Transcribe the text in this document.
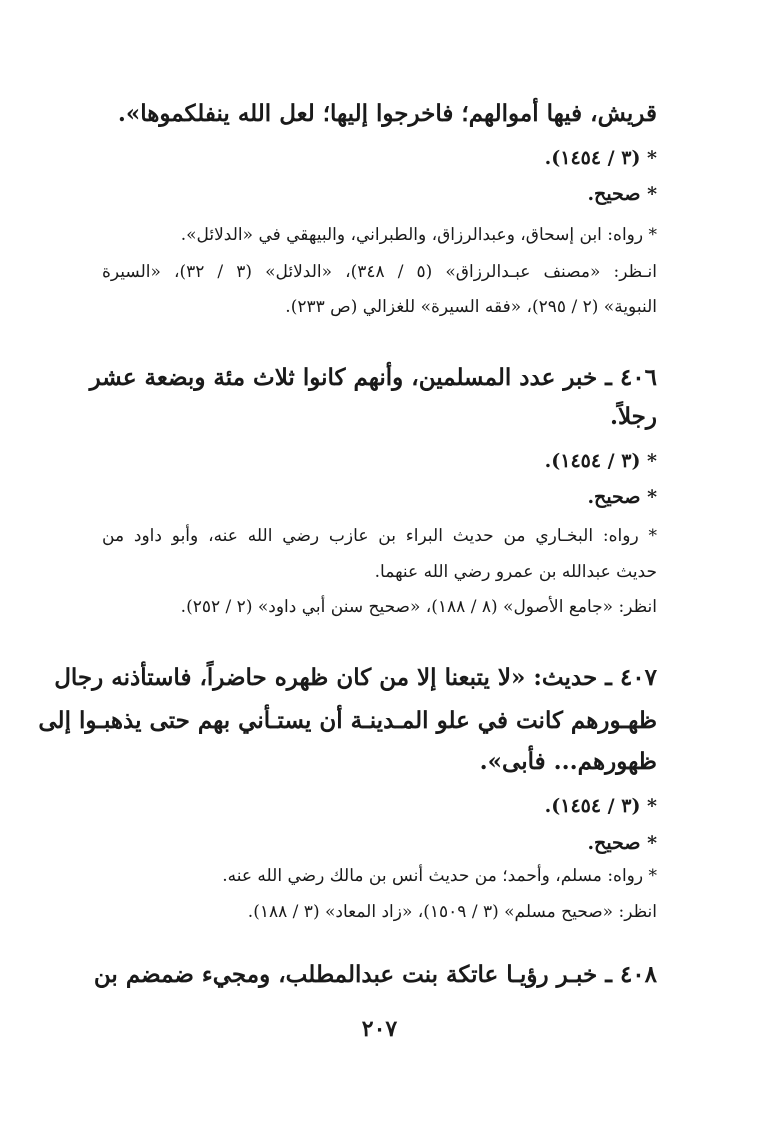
قريش، فيها أموالهم؛ فاخرجوا إليها؛ لعل الله ينفلكموها».
* (٣ / ١٤٥٤).
* صحيح.
* رواه: ابن إسحاق، وعبدالرزاق، والطبراني، والبيهقي في «الدلائل».
انـظر: «مصنف عبـدالرزاق» (٥ / ٣٤٨)، «الدلائل» (٣ / ٣٢)، «السيرة
النبوية» (٢ / ٢٩٥)، «فقه السيرة» للغزالي (ص ٢٣٣).
٤٠٦ ـ خبر عدد المسلمين، وأنهم كانوا ثلاث مئة وبضعة عشر
رجلاً.
* (٣ / ١٤٥٤).
* صحيح.
* رواه: البخـاري من حديث البراء بن عازب رضي الله عنه، وأبو داود من
حديث عبدالله بن عمرو رضي الله عنهما.
انظر: «جامع الأصول» (٨ / ١٨٨)، «صحيح سنن أبي داود» (٢ / ٢٥٢).
٤٠٧ ـ حديث: «لا يتبعنا إلا من كان ظهره حاضراً، فاستأذنه رجال
ظهـورهم كانت في علو المـدينـة أن يستـأني بهم حتى يذهبـوا إلى
ظهورهم... فأبى».
* (٣ / ١٤٥٤).
* صحيح.
* رواه: مسلم، وأحمد؛ من حديث أنس بن مالك رضي الله عنه.
انظر: «صحيح مسلم» (٣ / ١٥٠٩)، «زاد المعاد» (٣ / ١٨٨).
٤٠٨ ـ خبـر رؤيـا عاتكة بنت عبدالمطلب، ومجيء ضمضم بن
٢٠٧
